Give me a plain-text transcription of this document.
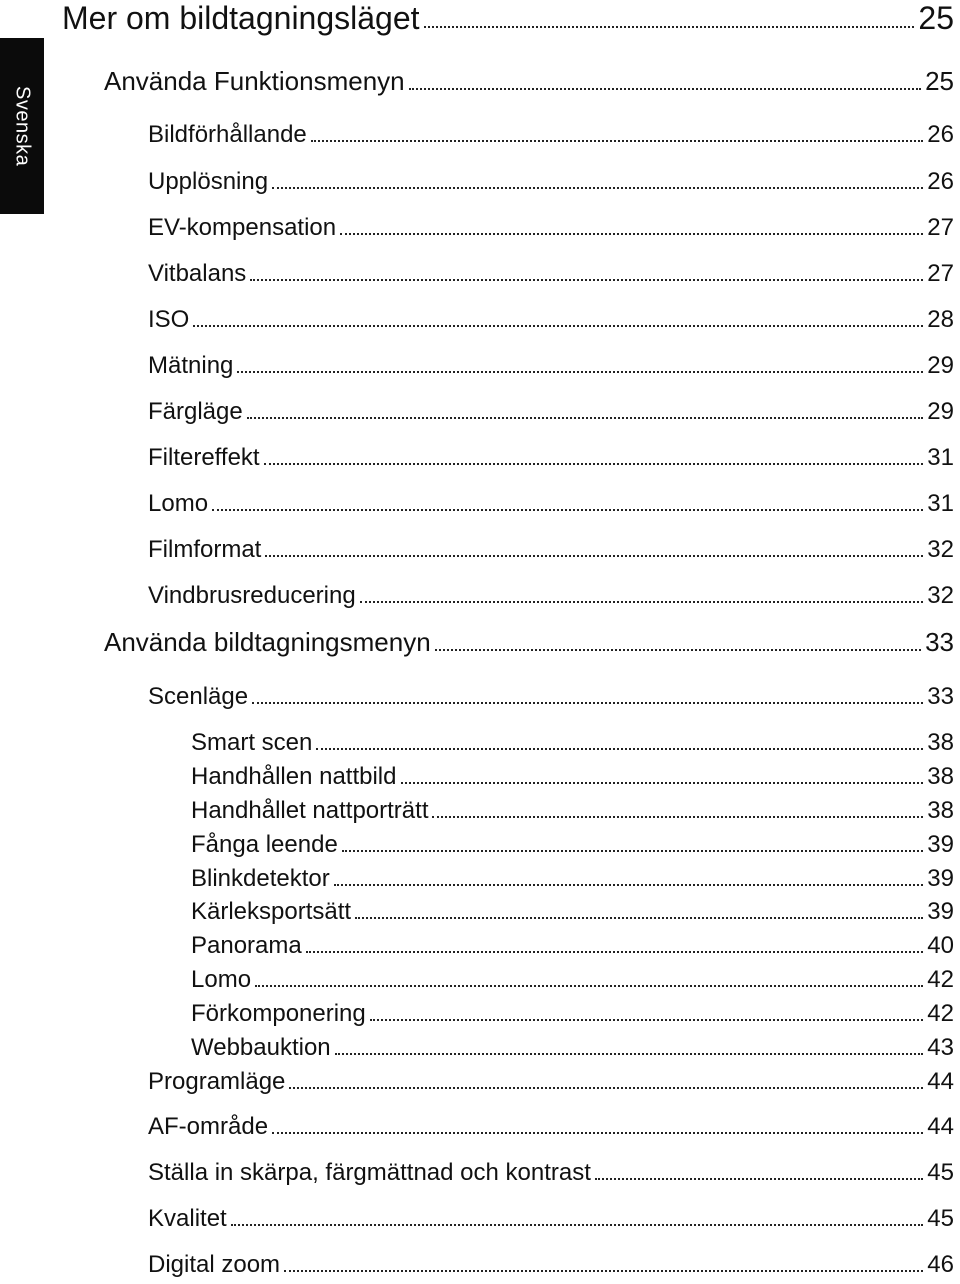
Svenska
Mer om bildtagningsläget	25
Använda Funktionsmenyn	25
Bildförhållande	26
Upplösning	26
EV-kompensation	27
Vitbalans	27
ISO	28
Mätning	29
Färgläge	29
Filtereffekt	31
Lomo	31
Filmformat	32
Vindbrusreducering	32
Använda bildtagningsmenyn	33
Scenläge	33
Smart scen	38
Handhållen nattbild	38
Handhållet nattporträtt	38
Fånga leende	39
Blinkdetektor	39
Kärleksportsätt	39
Panorama	40
Lomo	42
Förkomponering	42
Webbauktion	43
Programläge	44
AF-område	44
Ställa in skärpa, färgmättnad och kontrast	45
Kvalitet	45
Digital zoom	46
